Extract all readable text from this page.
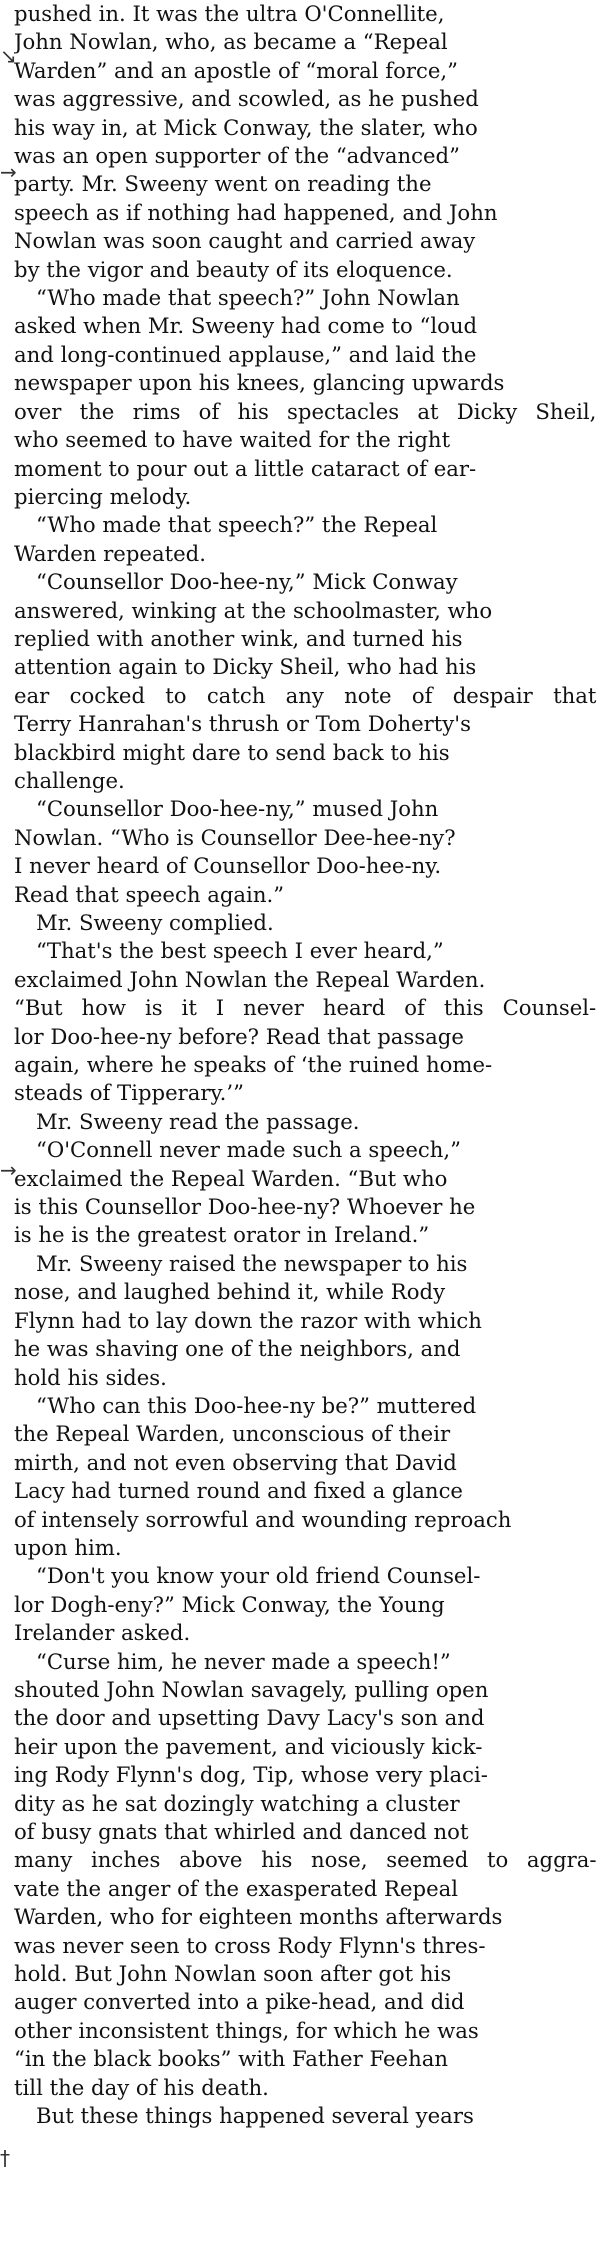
pushed in. It was the ultra O'Connellite,
John Nowlan, who, as became a “Repeal
Warden” and an apostle of “moral force,”
was aggressive, and scowled, as he pushed
his way in, at Mick Conway, the slater, who
was an open supporter of the “advanced”
party. Mr. Sweeny went on reading the
speech as if nothing had happened, and John
Nowlan was soon caught and carried away
by the vigor and beauty of its eloquence.

“Who made that speech?” John Nowlan
asked when Mr. Sweeny had come to “loud
and long-continued applause,” and laid the
newspaper upon his knees, glancing upwards
over the rims of his spectacles at Dicky Sheil,
who seemed to have waited for the right
moment to pour out a little cataract of ear-
piercing melody.

“Who made that speech?” the Repeal
Warden repeated.

“Counsellor Doo-hee-ny,” Mick Conway
answered, winking at the schoolmaster, who
replied with another wink, and turned his
attention again to Dicky Sheil, who had his
ear cocked to catch any note of despair that
Terry Hanrahan's thrush or Tom Doherty's
blackbird might dare to send back to his
challenge.

“Counsellor Doo-hee-ny,” mused John
Nowlan. “Who is Counsellor Dee-hee-ny?
I never heard of Counsellor Doo-hee-ny.
Read that speech again.”

Mr. Sweeny complied.

“That's the best speech I ever heard,”
exclaimed John Nowlan the Repeal Warden.
“But how is it I never heard of this Counsel-
lor Doo-hee-ny before? Read that passage
again, where he speaks of ‘the ruined home-
steads of Tipperary.’”

Mr. Sweeny read the passage.

“O'Connell never made such a speech,”
exclaimed the Repeal Warden. “But who
is this Counsellor Doo-hee-ny? Whoever he
is he is the greatest orator in Ireland.”

Mr. Sweeny raised the newspaper to his
nose, and laughed behind it, while Rody
Flynn had to lay down the razor with which
he was shaving one of the neighbors, and
hold his sides.

“Who can this Doo-hee-ny be?” muttered
the Repeal Warden, unconscious of their
mirth, and not even observing that David
Lacy had turned round and fixed a glance
of intensely sorrowful and wounding reproach
upon him.

“Don't you know your old friend Counsel-
lor Dogh-eny?” Mick Conway, the Young
Irelander asked.

“Curse him, he never made a speech!”
shouted John Nowlan savagely, pulling open
the door and upsetting Davy Lacy's son and
heir upon the pavement, and viciously kick-
ing Rody Flynn's dog, Tip, whose very placi-
dity as he sat dozingly watching a cluster
of busy gnats that whirled and danced not
many inches above his nose, seemed to aggra-
vate the anger of the exasperated Repeal
Warden, who for eighteen months afterwards
was never seen to cross Rody Flynn's thres-
hold. But John Nowlan soon after got his
auger converted into a pike-head, and did
other inconsistent things, for which he was
“in the black books” with Father Feehan
till the day of his death.

But these things happened several years

↘
→
→
†
